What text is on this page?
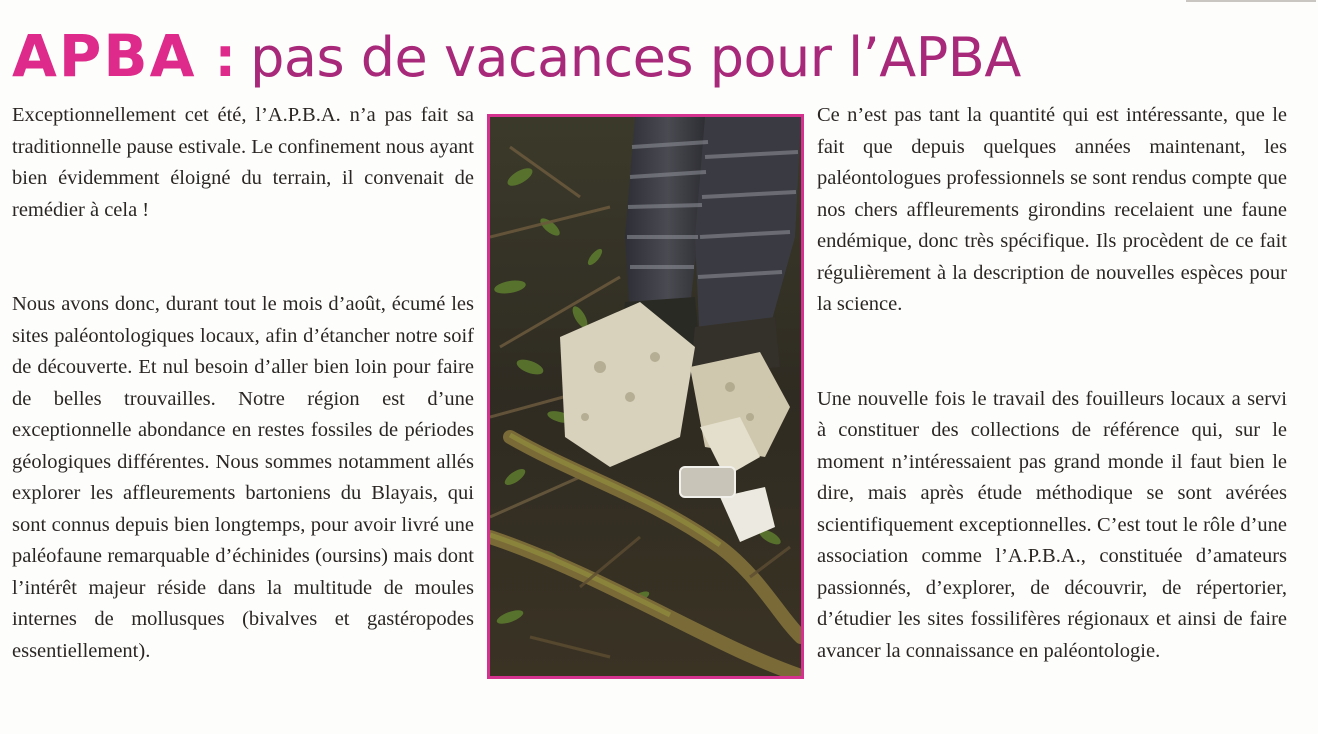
APBA : pas de vacances pour l’APBA

Exceptionnellement cet été, l’A.P.B.A. n’a pas fait sa traditionnelle pause estivale. Le confinement nous ayant bien évidemment éloigné du terrain, il convenait de remédier à cela !

Nous avons donc, durant tout le mois d’août, écumé les sites paléontologiques locaux, afin d’étancher notre soif de découverte. Et nul besoin d’aller bien loin pour faire de belles trouvailles. Notre région est d’une exceptionnelle abondance en restes fossiles de périodes géologiques différentes. Nous sommes notamment allés explorer les affleurements bartoniens du Blayais, qui sont connus depuis bien longtemps, pour avoir livré une paléofaune remarquable d’échinides (oursins) mais dont l’intérêt majeur réside dans la multitude de moules internes de mollusques (bivalves et gastéropodes essentiellement).

Ce n’est pas tant la quantité qui est intéressante, que le fait que depuis quelques années maintenant, les paléontologues professionnels se sont rendus compte que nos chers affleurements girondins recelaient une faune endémique, donc très spécifique. Ils procèdent de ce fait régulièrement à la description de nouvelles espèces pour la science.

Une nouvelle fois le travail des fouilleurs locaux a servi à constituer des collections de référence qui, sur le moment n’intéressaient pas grand monde il faut bien le dire, mais après étude méthodique se sont avérées scientifiquement exceptionnelles. C’est tout le rôle d’une association comme l’A.P.B.A., constituée d’amateurs passionnés, d’explorer, de découvrir, de répertorier, d’étudier les sites fossilifères régionaux et ainsi de faire avancer la connaissance en paléontologie.
